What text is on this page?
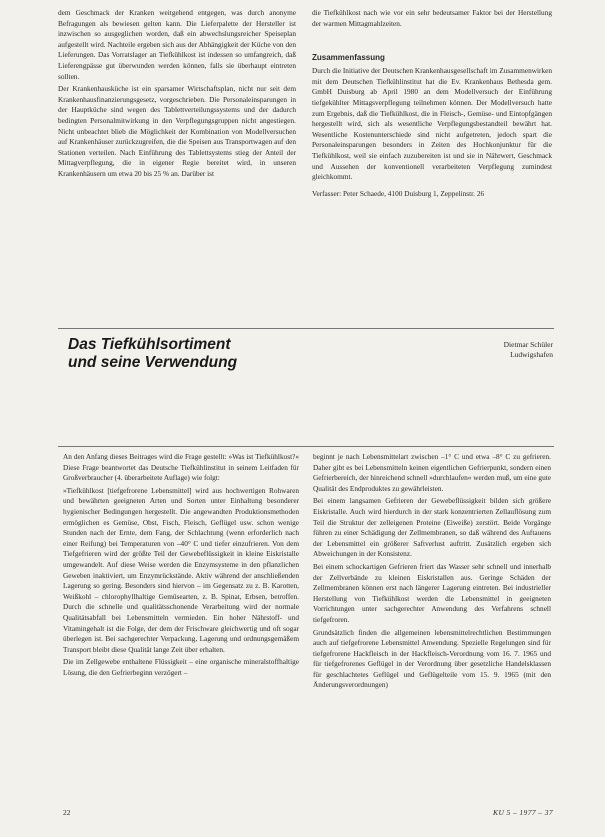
dem Geschmack der Kranken weitgehend entgegen, was durch anonyme Befragungen als bewiesen gelten kann. Die Lieferpalette der Hersteller ist inzwischen so ausgeglichen worden, daß ein abwechslungsreicher Speiseplan aufgestellt wird. Nachteile ergeben sich aus der Abhängigkeit der Küche von den Lieferungen. Das Vorratslager an Tiefkühlkost ist indessen so umfangreich, daß Lieferengpässe gut überwunden werden können, falls sie überhaupt eintreten sollten.

Der Krankenhausküche ist ein sparsamer Wirtschaftsplan, nicht nur seit dem Krankenhausfinanzierungsgesetz, vorgeschrieben. Die Personaleinsparungen in der Hauptküche sind wegen des Tablettverteilungssystems und der dadurch bedingten Personalmitwirkung in den Verpflegungsgruppen nicht angestiegen. Nicht unbeachtet blieb die Möglichkeit der Kombination von Modellversuchen auf Krankenhäuser zurückzugreifen, die die Speisen aus Transportwagen auf den Stationen verteilen. Nach Einführung des Tablettsystems stieg der Anteil der Mittagverpflegung, die in eigener Regie bereitet wird, in unseren Krankenhäusern um etwa 20 bis 25 % an. Darüber ist

die Tiefkühlkost nach wie vor ein sehr bedeutsamer Faktor bei der Herstellung der warmen Mittagmahlzeiten.

Zusammenfassung

Durch die Initiative der Deutschen Krankenhausgesellschaft im Zusammenwirken mit dem Deutschen Tiefkühlinstitut hat die Ev. Krankenhaus Bethesda gem. GmbH Duisburg ab April 1980 an dem Modellversuch der Einführung tiefgekühlter Mittagsverpflegung teilnehmen können. Der Modellversuch hatte zum Ergebnis, daß die Tiefkühlkost, die in Fleisch-, Gemüse- und Eintopfgängen hergestellt wird, sich als wesentliche Verpflegungsbestandteil bewährt hat. Wesentliche Kostenunterschiede sind nicht aufgetreten, jedoch spart die Personaleinsparungen besonders in Zeiten des Hochkonjunktur für die Tiefkühlkost, weil sie einfach zuzubereiten ist und sie in Nährwert, Geschmack und Aussehen der konventionell verarbeiteten Verpflegung zumindest gleichkommt.

Verfasser: Peter Schaede, 4100 Duisburg 1, Zeppelinstr. 26

Das Tiefkühlsortiment
und seine Verwendung
Dietmar Schüler
Ludwigshafen

An den Anfang dieses Beitrages wird die Frage gestellt: »Was ist Tiefkühlkost?« Diese Frage beantwortet das Deutsche Tiefkühlinstitut in seinem Leitfaden für Großverbraucher (4. überarbeitete Auflage) wie folgt:

»Tiefkühlkost [tiefgefrorene Lebensmittel] wird aus hochwertigen Rohwaren und bewährten geeigneten Arten und Sorten unter Einhaltung besonderer hygienischer Bedingungen hergestellt. Die angewandten Produktionsmethoden ermöglichen es Gemüse, Obst, Fisch, Fleisch, Geflügel usw. schon wenige Stunden nach der Ernte, dem Fang, der Schlachtung (wenn erforderlich nach einer Reifung) bei Temperaturen von –40° C und tiefer einzufrieren. Von dem Tiefgefrieren wird der größte Teil der Gewebeflüssigkeit in kleine Eiskristalle umgewandelt. Auf diese Weise werden die Enzymsysteme in den pflanzlichen Geweben inaktiviert, um Enzymrückstände. Aktiv während der anschließenden Lagerung so gering. Besonders sind hiervon – im Gegensatz zu z. B. Karotten, Weißkohl – chlorophyllhaltige Gemüsearten, z. B. Spinat, Erbsen, betroffen. Durch die schnelle und qualitätsschonende Verarbeitung wird der normale Qualitätsabfall bei Lebensmitteln vermieden. Ein hoher Nährstoff- und Vitamingehalt ist die Folge, der dem der Frischware gleichwertig und oft sogar überlegen ist. Bei sachgerechter Verpackung, Lagerung und ordnungsgemäßem Transport bleibt diese Qualität lange Zeit über erhalten.

Die im Zellgewebe enthaltene Flüssigkeit – eine organische mineralstoffhaltige Lösung, die den Gefrierbeginn verzögert –

beginnt je nach Lebensmittelart zwischen –1° C und etwa –8° C zu gefrieren. Daher gibt es bei Lebensmitteln keinen eigentlichen Gefrierpunkt, sondern einen Gefrierbereich, der hinreichend schnell »durchlaufen« werden muß, um eine gute Qualität des Endproduktes zu gewährleisten.

Bei einem langsamen Gefrieren der Gewebeflüssigkeit bilden sich größere Eiskristalle. Auch wird hierdurch in der stark konzentrierten Zellauflösung zum Teil die Struktur der zelleigenen Proteine (Eiweiße) zerstört. Beide Vorgänge führen zu einer Schädigung der Zellmembranen, so daß während des Auftauens der Lebensmittel ein größerer Saftverlust auftritt. Zusätzlich ergeben sich Abweichungen in der Konsistenz.

Bei einem schockartigen Gefrieren friert das Wasser sehr schnell und innerhalb der Zellverbände zu kleinen Eiskristallen aus. Geringe Schäden der Zellmembranen können erst nach längerer Lagerung eintreten. Bei industrieller Herstellung von Tiefkühlkost werden die Lebensmittel in geeigneten Vorrichtungen unter sachgerechter Anwendung des Verfahrens schnell tiefgefroren.

Grundsätzlich finden die allgemeinen lebensmittelrechtlichen Bestimmungen auch auf tiefgefrorene Lebensmittel Anwendung. Spezielle Regelungen sind für tiefgefrorene Hackfleisch in der Hackfleisch-Verordnung vom 16. 7. 1965 und für tiefgefrorenes Geflügel in der Verordnung über gesetzliche Handelsklassen für geschlachtetes Geflügel und Geflügelteile vom 15. 9. 1965 (mit den Änderungsverordnungen)

22	KU 5 – 1977 – 37
